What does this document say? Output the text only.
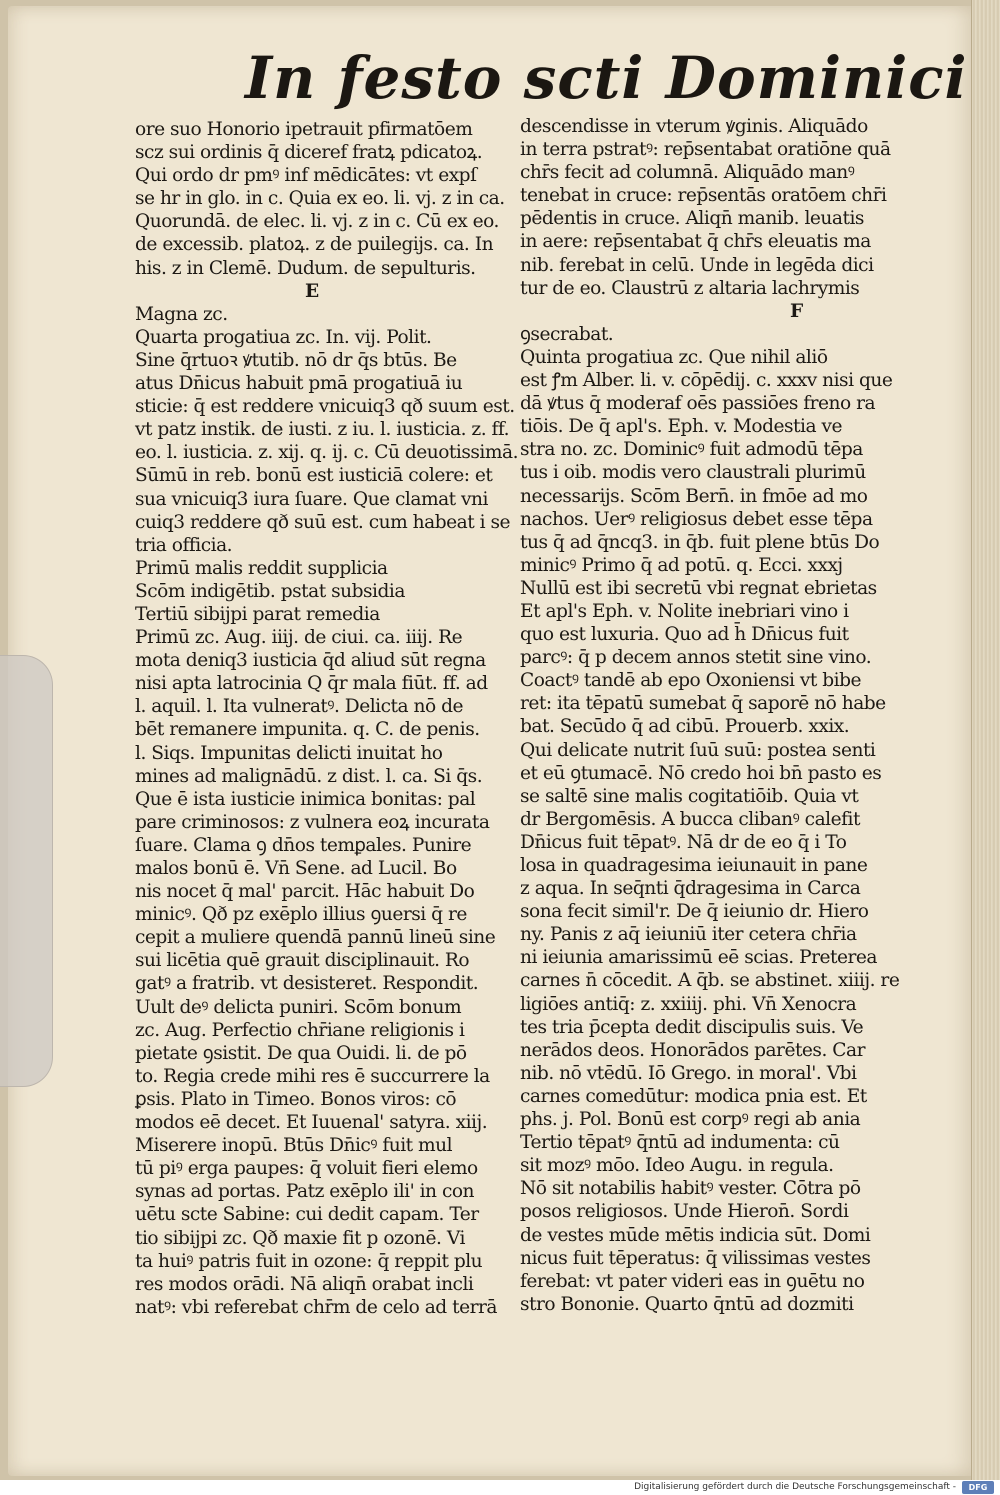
In festo scti Dominici
ore suo Honorio ipetrauit pfirmatōem
scz sui ordinis q̄ diceref fratꝝ pdicatoꝝ.
Qui ordo dr pmꝰ inf mēdicātes: vt expſ
se hr in glo. in c. Quia ex eo. li. vj. z in ca.
Quorundā. de elec. li. vj. z in c. Cū ex eo.
de excessib. platoꝝ. z de puilegijs. ca. In
his. z in Clemē. Dudum. de sepulturis.
E
Magna zc.
Quarta progatiua zc. In. vij. Polit.
Sine q̄rtuoꝛ ꝟtutib. nō dr q̄s btūs. Be
atus Dn̄icus habuit pmā progatiuā iu
sticie: q̄ est reddere vnicuiq3 qð suum est.
vt patz instik. de iusti. z iu. l. iusticia. z. ff.
eo. l. iusticia. z. xij. q. ij. c. Cū deuotissimā.
Sūmū in reb. bonū est iusticiā colere: et
sua vnicuiq3 iura ſuare. Que clamat vni
cuiq3 reddere qð suū est. cum habeat i se
tria officia.
Primū malis reddit supplicia
Scōm indigētib. pstat subsidia
Tertiū sibijpi parat remedia
Primū zc. Aug. iiij. de ciui. ca. iiij. Re
mota deniq3 iusticia q̄d aliud sūt regna
nisi apta latrocinia Q q̄r mala fiūt. ff. ad
l. aquil. l. Ita vulneratꝰ. Delicta nō de
bēt remanere impunita. q. C. de penis.
l. Siqs. Impunitas delicti inuitat ho
mines ad malignādū. z dist. l. ca. Si q̄s.
Que ē ista iusticie inimica bonitas: pal
pare criminosos: z vulnera eoꝝ incurata
ſuare. Clama ꝯ dn̄os temꝑales. Punire
malos bonū ē. Vn̄ Sene. ad Lucil. Bo
nis nocet q̄ mal' parcit. Hāc habuit Do
minicꝰ. Qð pz exēplo illius ꝯuersi q̄ re
cepit a muliere quendā pannū lineū sine
sui licētia quē grauit disciplinauit. Ro
gatꝰ a fratrib. vt desisteret. Respondit.
Uult deꝰ delicta puniri. Scōm bonum
zc. Aug. Perfectio chr̄iane religionis i
pietate ꝯsistit. De qua Ouidi. li. de pō
to. Regia crede mihi res ē succurrere la
ꝑsis. Plato in Timeo. Bonos viros: cō
modos eē decet. Et Iuuenal' satyra. xiij.
Miserere inopū. Btūs Dn̄icꝰ fuit mul
tū piꝰ erga paupes: q̄ voluit fieri elemo
synas ad portas. Patz exēplo ili' in con
uētu scte Sabine: cui dedit capam. Ter
tio sibijpi zc. Qð maxie fit p ozonē. Vi
ta huiꝰ patris fuit in ozone: q̄ reppit plu
res modos orādi. Nā aliqn̄ orabat incli
natꝰ: vbi referebat chr̄m de celo ad terrā
descendisse in vterum ꝟginis. Aliquādo
in terra pstratꝰ: rep̄sentabat oratiōne quā
chr̄s fecit ad columnā. Aliquādo manꝰ
tenebat in cruce: rep̄sentās oratōem chr̄i
pēdentis in cruce. Aliqn̄ manib. leuatis
in aere: rep̄sentabat q̄ chr̄s eleuatis ma
nib. ferebat in celū. Unde in legēda dici
tur de eo. Claustrū z altaria lachrymis
F
ꝯsecrabat.
Quinta progatiua zc. Que nihil aliō
est ꝭm Alber. li. v. cōpēdij. c. xxxv nisi que
dā ꝟtus q̄ moderaf oēs passiōes freno ra
tiōis. De q̄ apl's. Eph. v. Modestia ve
stra no. zc. Dominicꝰ fuit admodū tēpa
tus i oib. modis vero claustrali plurimū
necessarijs. Scōm Bern̄. in fmōe ad mo
nachos. Uerꝰ religiosus debet esse tēpa
tus q̄ ad q̄ncq3. in q̄b. fuit plene btūs Do
minicꝰ Primo q̄ ad potū. q. Ecci. xxxj
Nullū est ibi secretū vbi regnat ebrietas
Et apl's Eph. v. Nolite inebriari vino i
quo est luxuria. Quo ad h̄ Dn̄icus fuit
parcꝰ: q̄ p decem annos stetit sine vino.
Coactꝰ tandē ab epo Oxoniensi vt bibe
ret: ita tēpatū sumebat q̄ saporē nō habe
bat. Secūdo q̄ ad cibū. Prouerb. xxix.
Qui delicate nutrit ſuū suū: postea senti
et eū ꝯtumacē. Nō credo hoi bn̄ pasto es
se saltē sine malis cogitatiōib. Quia vt
dr Bergomēsis. A bucca clibanꝰ calefit
Dn̄icus fuit tēpatꝰ. Nā dr de eo q̄ i To
losa in quadragesima ieiunauit in pane
z aqua. In seq̄nti q̄dragesima in Carca
sona fecit simil'r. De q̄ ieiunio dr. Hiero
ny. Panis z aq̄ ieiuniū iter cetera chr̄ia
ni ieiunia amarissimū eē scias. Preterea
carnes n̄ cōcedit. A q̄b. se abstinet. xiiij. re
ligiōes antiq̄: z. xxiiij. phi. Vn̄ Xenocra
tes tria p̄cepta dedit discipulis suis. Ve
nerādos deos. Honorādos parētes. Car
nib. nō vtēdū. Iō Grego. in moral'. Vbi
carnes comedūtur: modica pnia est. Et
phs. j. Pol. Bonū est corpꝰ regi ab ania
Tertio tēpatꝰ q̄ntū ad indumenta: cū
sit mozꝰ mōo. Ideo Augu. in regula.
Nō sit notabilis habitꝰ vester. Cōtra pō
posos religiosos. Unde Hieron̄. Sordi
de vestes mūde mētis indicia sūt. Domi
nicus fuit tēperatus: q̄ vilissimas vestes
ferebat: vt pater videri eas in ꝯuētu no
stro Bononie. Quarto q̄ntū ad dozmiti
Digitalisierung gefördert durch die Deutsche Forschungsgemeinschaft -	DFG
